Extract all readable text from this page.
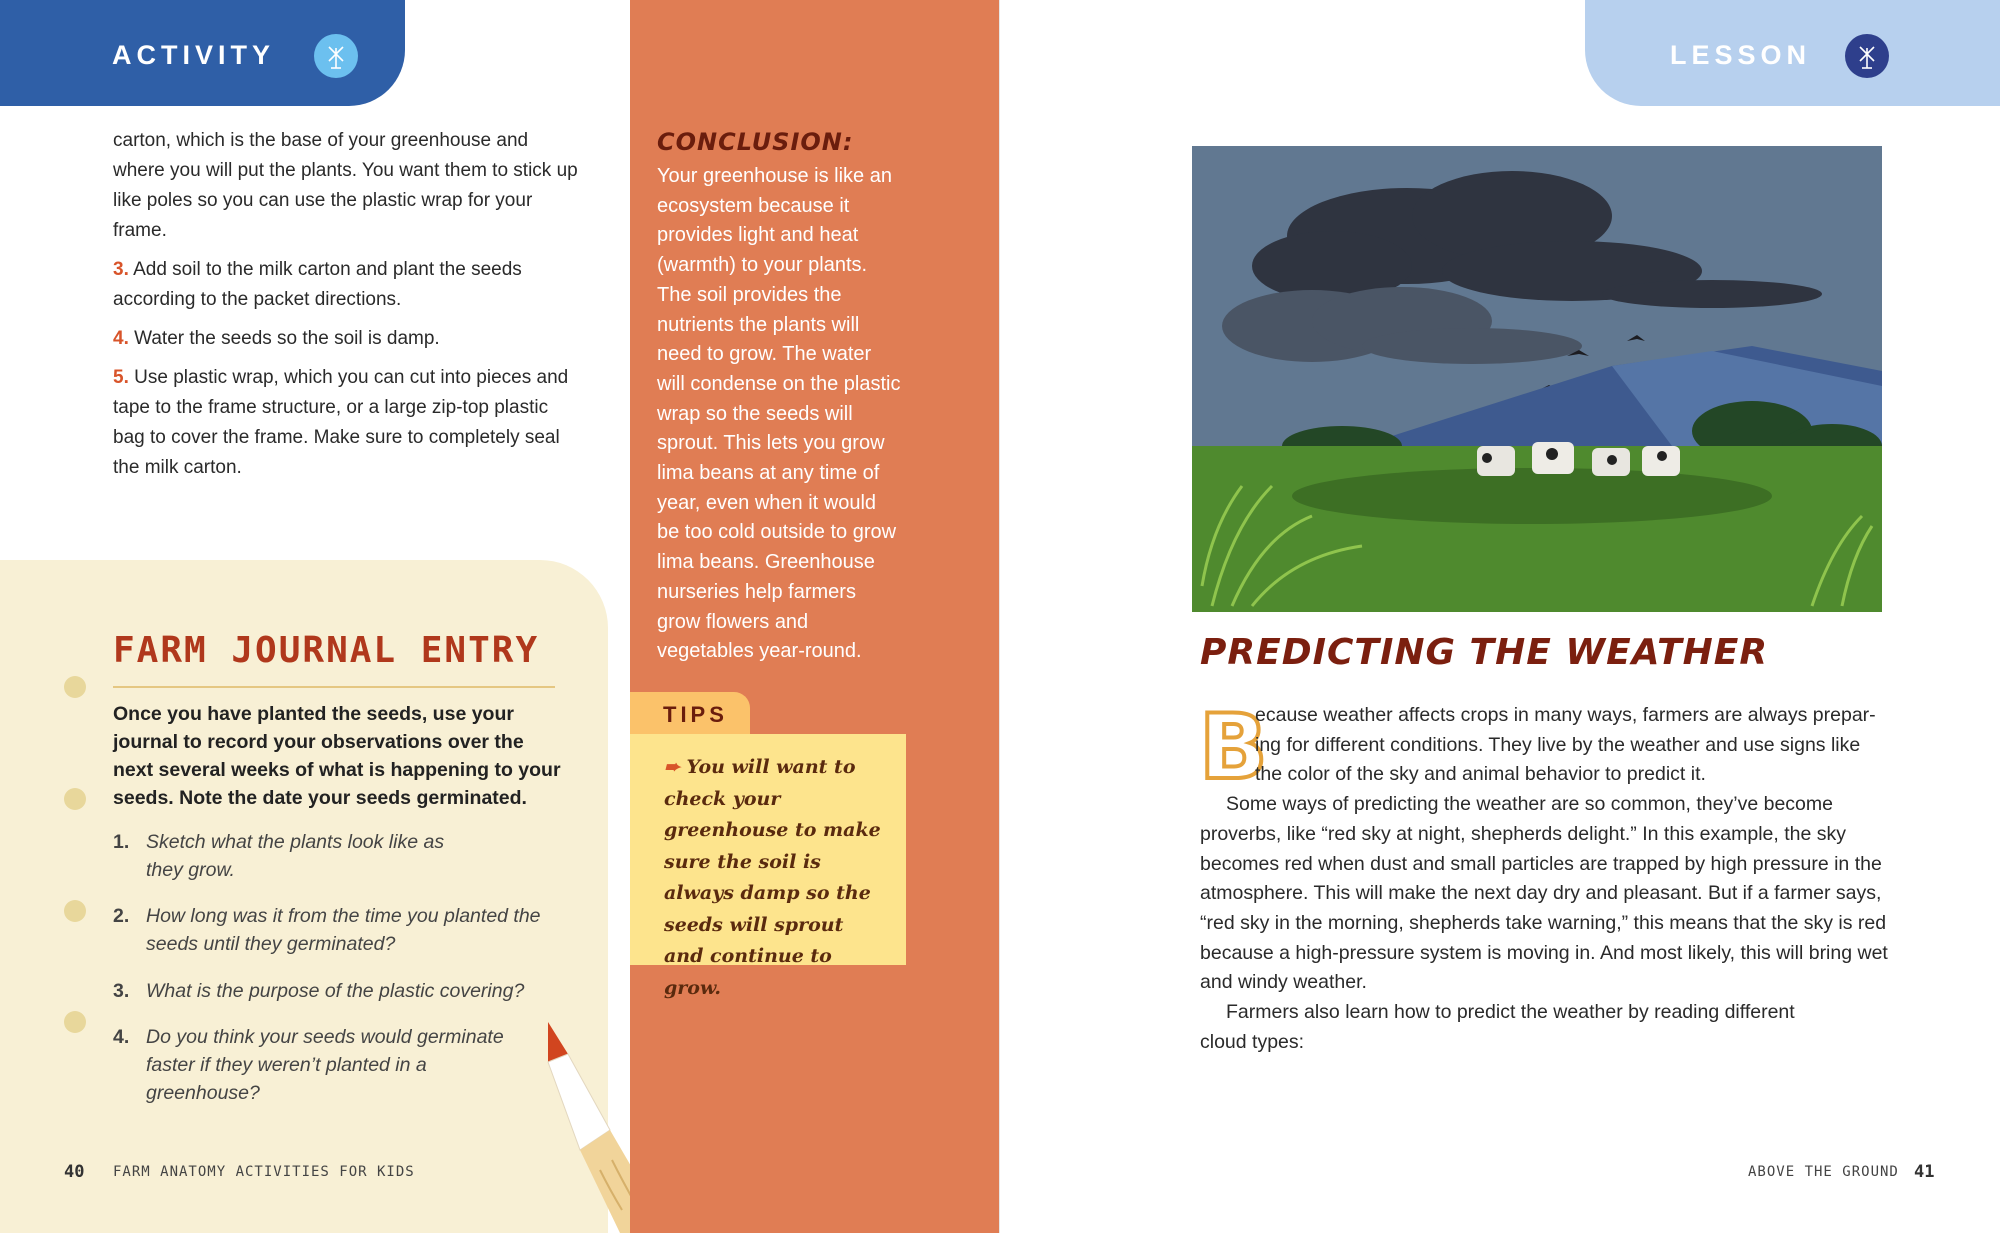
ACTIVITY

carton, which is the base of your greenhouse and where you will put the plants. You want them to stick up like poles so you can use the plastic wrap for your frame.

3. Add soil to the milk carton and plant the seeds according to the packet directions.

4. Water the seeds so the soil is damp.

5. Use plastic wrap, which you can cut into pieces and tape to the frame structure, or a large zip-top plastic bag to cover the frame. Make sure to completely seal the milk carton.

FARM JOURNAL ENTRY
Once you have planted the seeds, use your journal to record your observations over the next several weeks of what is happening to your seeds. Note the date your seeds germinated.
1. Sketch what the plants look like as they grow.
2. How long was it from the time you planted the seeds until they germinated?
3. What is the purpose of the plastic covering?
4. Do you think your seeds would germinate faster if they weren’t planted in a greenhouse?
40 FARM ANATOMY ACTIVITIES FOR KIDS
CONCLUSION:
Your greenhouse is like an ecosystem because it provides light and heat (warmth) to your plants. The soil provides the nutrients the plants will need to grow. The water will condense on the plastic wrap so the seeds will sprout. This lets you grow lima beans at any time of year, even when it would be too cold outside to grow lima beans. Greenhouse nurseries help farmers grow flowers and vegetables year-round.
TIPS
➨ You will want to check your greenhouse to make sure the soil is always damp so the seeds will sprout and continue to grow.
LESSON
41
ABOVE THE GROUND
PREDICTING THE WEATHER
B

ecause weather affects crops in many ways, farmers are always preparing for different conditions. They live by the weather and use signs like the color of the sky and animal behavior to predict it.

Some ways of predicting the weather are so common, they’ve become proverbs, like “red sky at night, shepherds delight.” In this example, the sky becomes red when dust and small particles are trapped by high pressure in the atmosphere. This will make the next day dry and pleasant. But if a farmer says, “red sky in the morning, shepherds take warning,” this means that the sky is red because a high-pressure system is moving in. And most likely, this will bring wet and windy weather.

Farmers also learn how to predict the weather by reading different cloud types:
